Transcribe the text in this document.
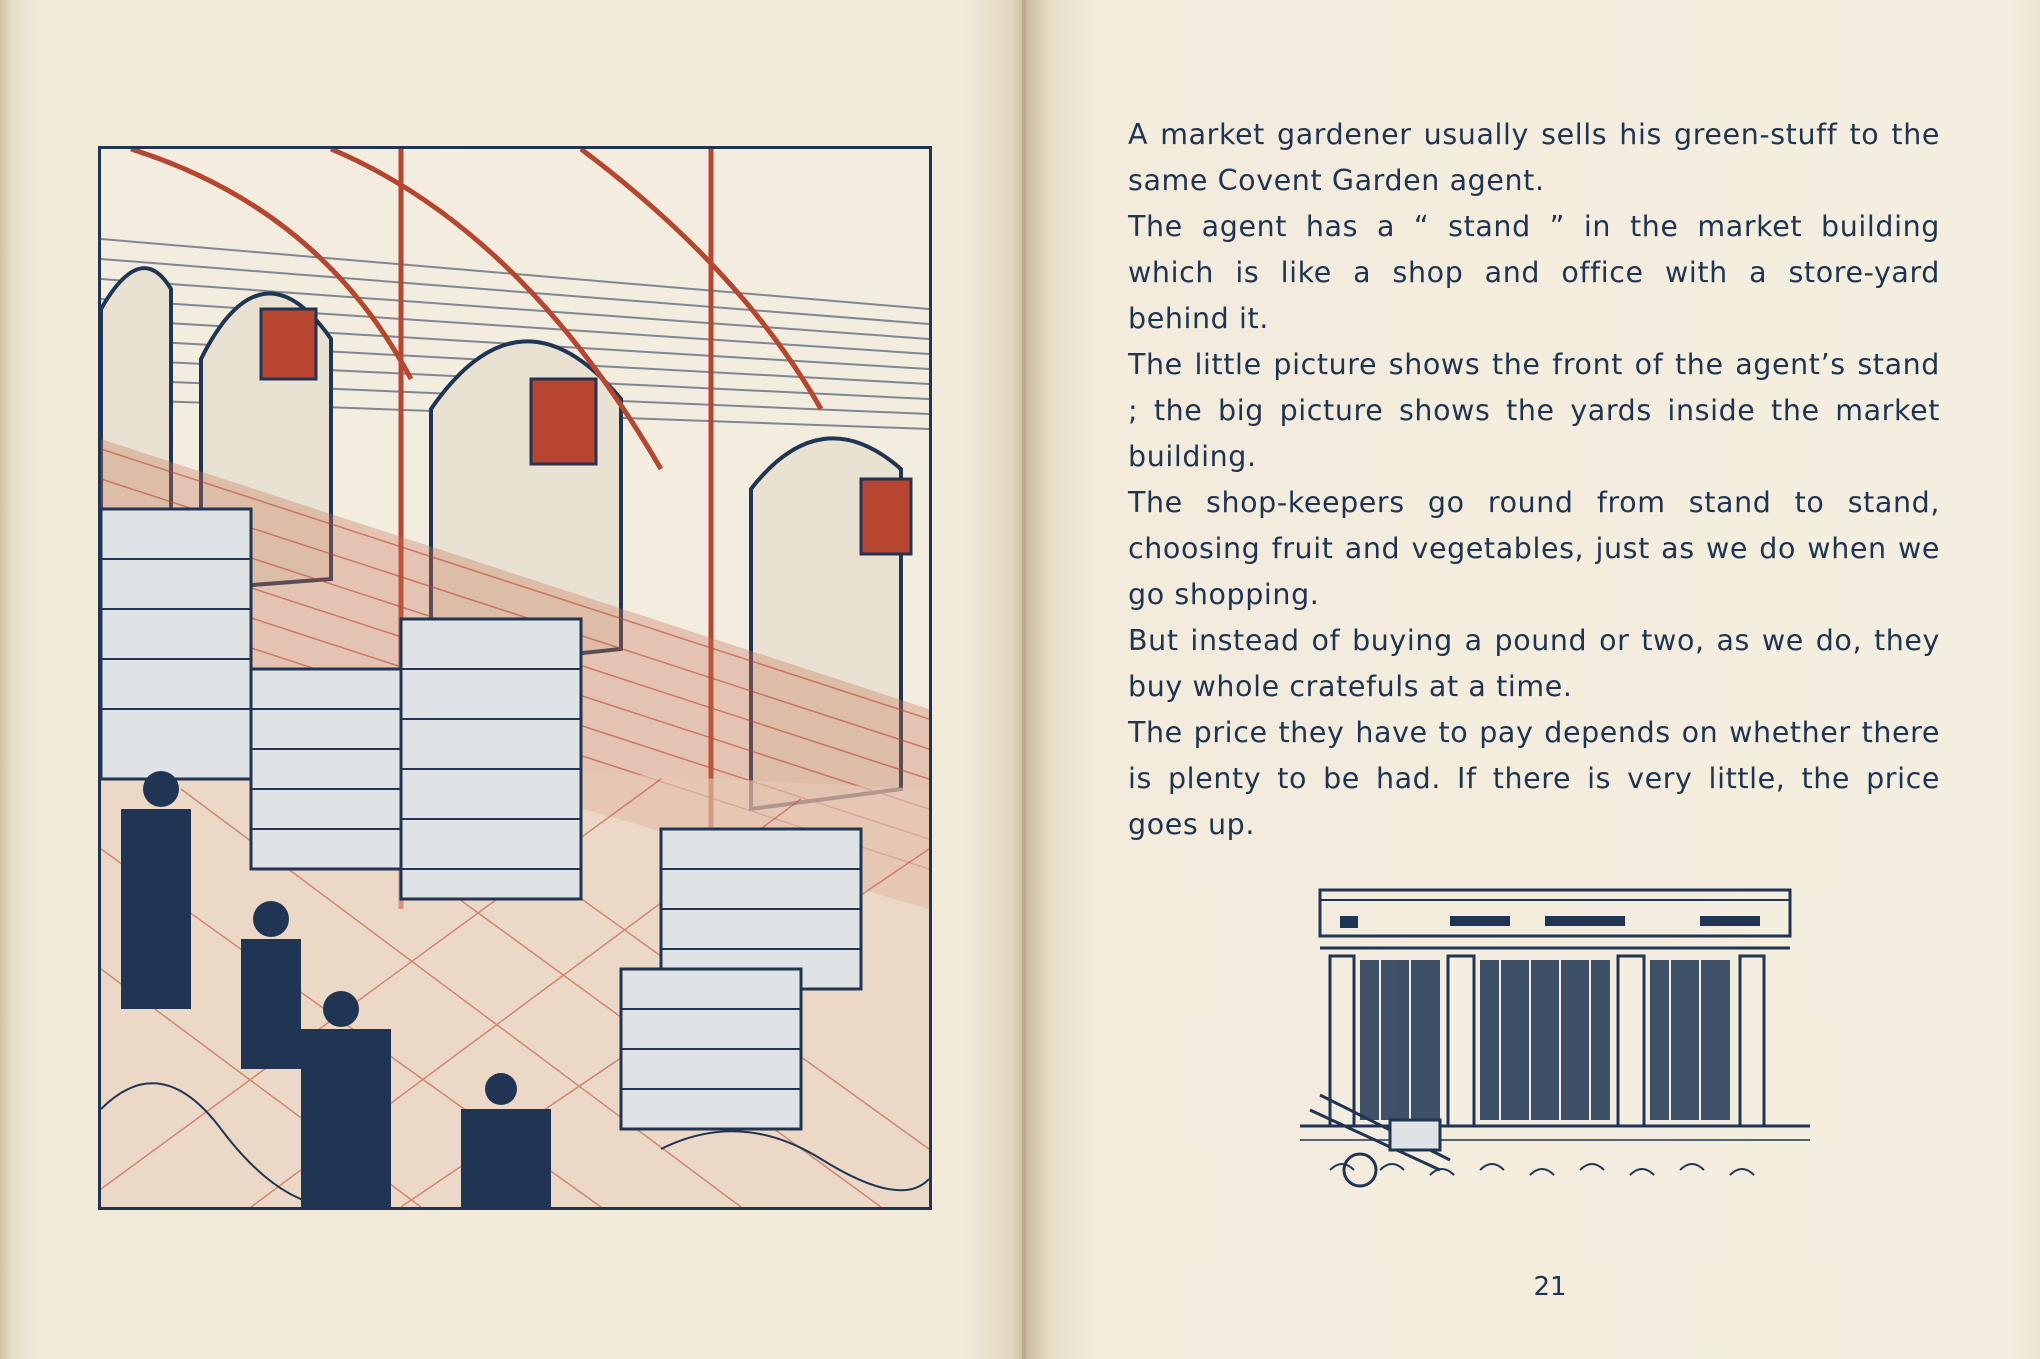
A market gardener usually sells his green-stuff to the same Covent Garden agent.

The agent has a “ stand ” in the market building which is like a shop and office with a store-yard behind it.

The little picture shows the front of the agent’s stand ; the big picture shows the yards inside the market building.

The shop-keepers go round from stand to stand, choosing fruit and vegetables, just as we do when we go shopping.

But instead of buying a pound or two, as we do, they buy whole cratefuls at a time.

The price they have to pay depends on whether there is plenty to be had. If there is very little, the price goes up.

21
